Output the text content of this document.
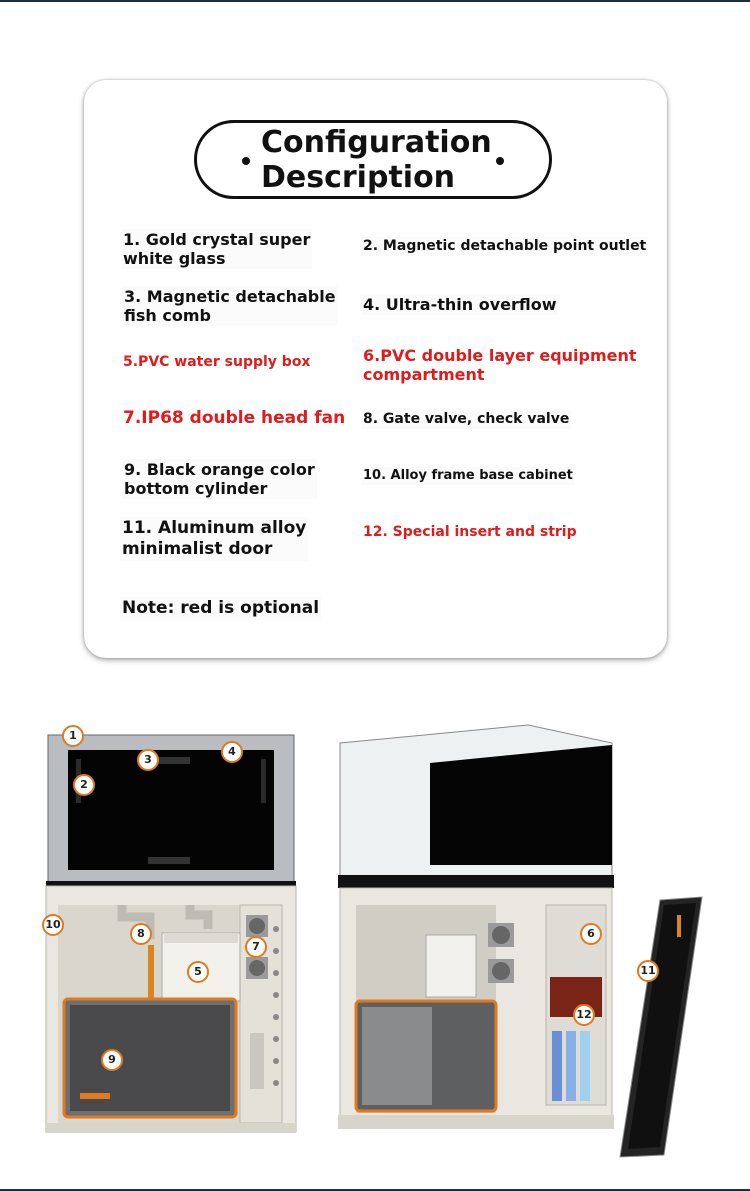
Configuration
Description
1. Gold crystal super
white glass
2. Magnetic detachable point outlet
3. Magnetic detachable
fish comb
4. Ultra-thin overflow
5.PVC water supply box	6.PVC double layer equipment
compartment
7.IP68 double head fan 8. Gate valve, check valve
9. Black orange color
bottom cylinder
10. Alloy frame base cabinet
11. Aluminum alloy
minimalist door
12. Special insert and strip
Note: red is optional
1
2
3
4
5
6
7
8
9
10
11
12
